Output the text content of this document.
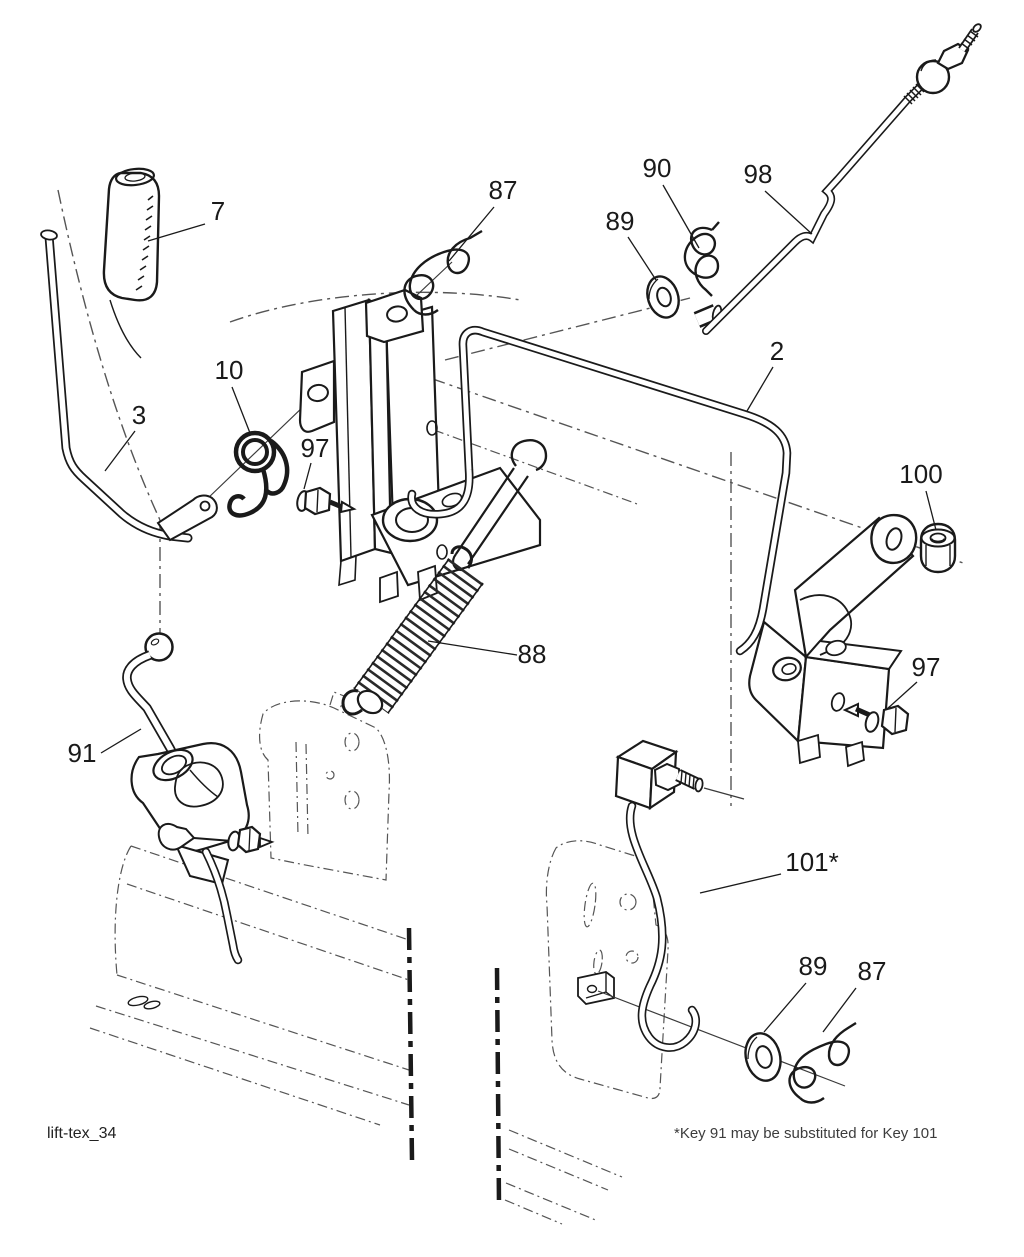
lift-tex_34	*Key 91 may be substituted for Key 101
7
87
90
89
98
2
3
10
97
100
88	97
91
101*
89 87
